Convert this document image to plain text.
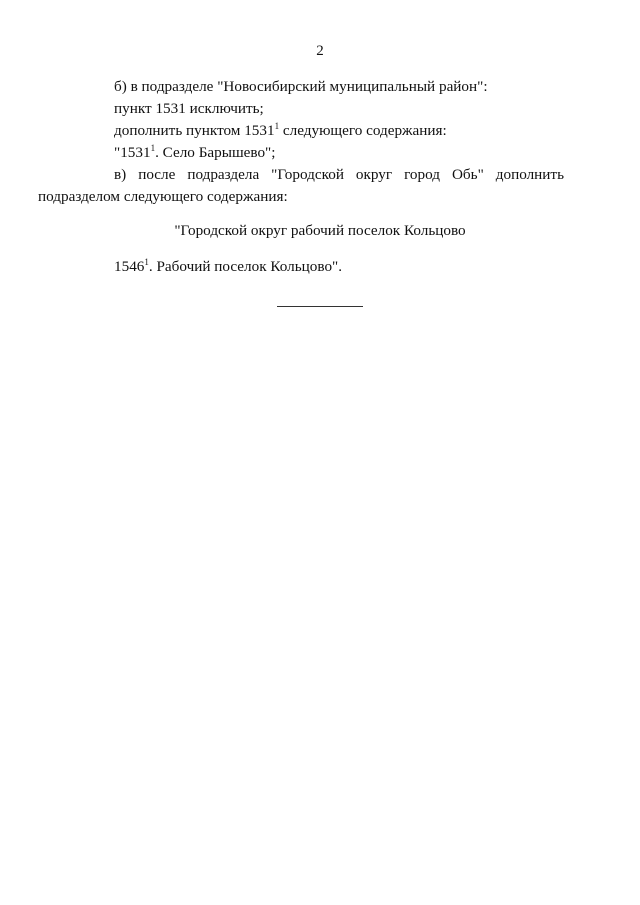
2

б) в подразделе "Новосибирский муниципальный район":

пункт 1531 исключить;

дополнить пунктом 1531$^1$ следующего содержания:

"1531$^1$. Село Барышево";

в) после подраздела "Городской округ город Обь" дополнить
подразделом следующего содержания:

"Городской округ рабочий поселок Кольцово

1546$^1$. Рабочий поселок Кольцово".
